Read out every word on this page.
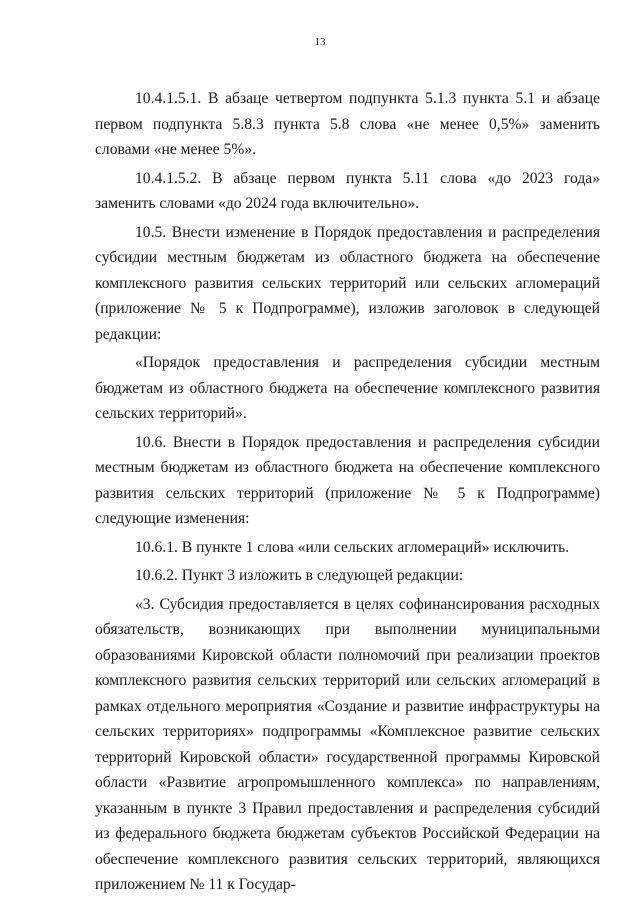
13

10.4.1.5.1. В абзаце четвертом подпункта 5.1.3 пункта 5.1 и абзаце первом подпункта 5.8.3 пункта 5.8 слова «не менее 0,5%» заменить словами «не менее 5%».

10.4.1.5.2. В абзаце первом пункта 5.11 слова «до 2023 года» заменить словами «до 2024 года включительно».

10.5. Внести изменение в Порядок предоставления и распределения субсидии местным бюджетам из областного бюджета на обеспечение комплексного развития сельских территорий или сельских агломераций (приложение № 5 к Подпрограмме), изложив заголовок в следующей редакции:

«Порядок предоставления и распределения субсидии местным бюджетам из областного бюджета на обеспечение комплексного развития сельских территорий».

10.6. Внести в Порядок предоставления и распределения субсидии местным бюджетам из областного бюджета на обеспечение комплексного развития сельских территорий (приложение № 5 к Подпрограмме) следующие изменения:

10.6.1. В пункте 1 слова «или сельских агломераций» исключить.

10.6.2. Пункт 3 изложить в следующей редакции:

«3. Субсидия предоставляется в целях софинансирования расходных обязательств, возникающих при выполнении муниципальными образованиями Кировской области полномочий при реализации проектов комплексного развития сельских территорий или сельских агломераций в рамках отдельного мероприятия «Создание и развитие инфраструктуры на сельских территориях» подпрограммы «Комплексное развитие сельских территорий Кировской области» государственной программы Кировской области «Развитие агропромышленного комплекса» по направлениям, указанным в пункте 3 Правил предоставления и распределения субсидий из федерального бюджета бюджетам субъектов Российской Федерации на обеспечение комплексного развития сельских территорий, являющихся приложением № 11 к Государ-
